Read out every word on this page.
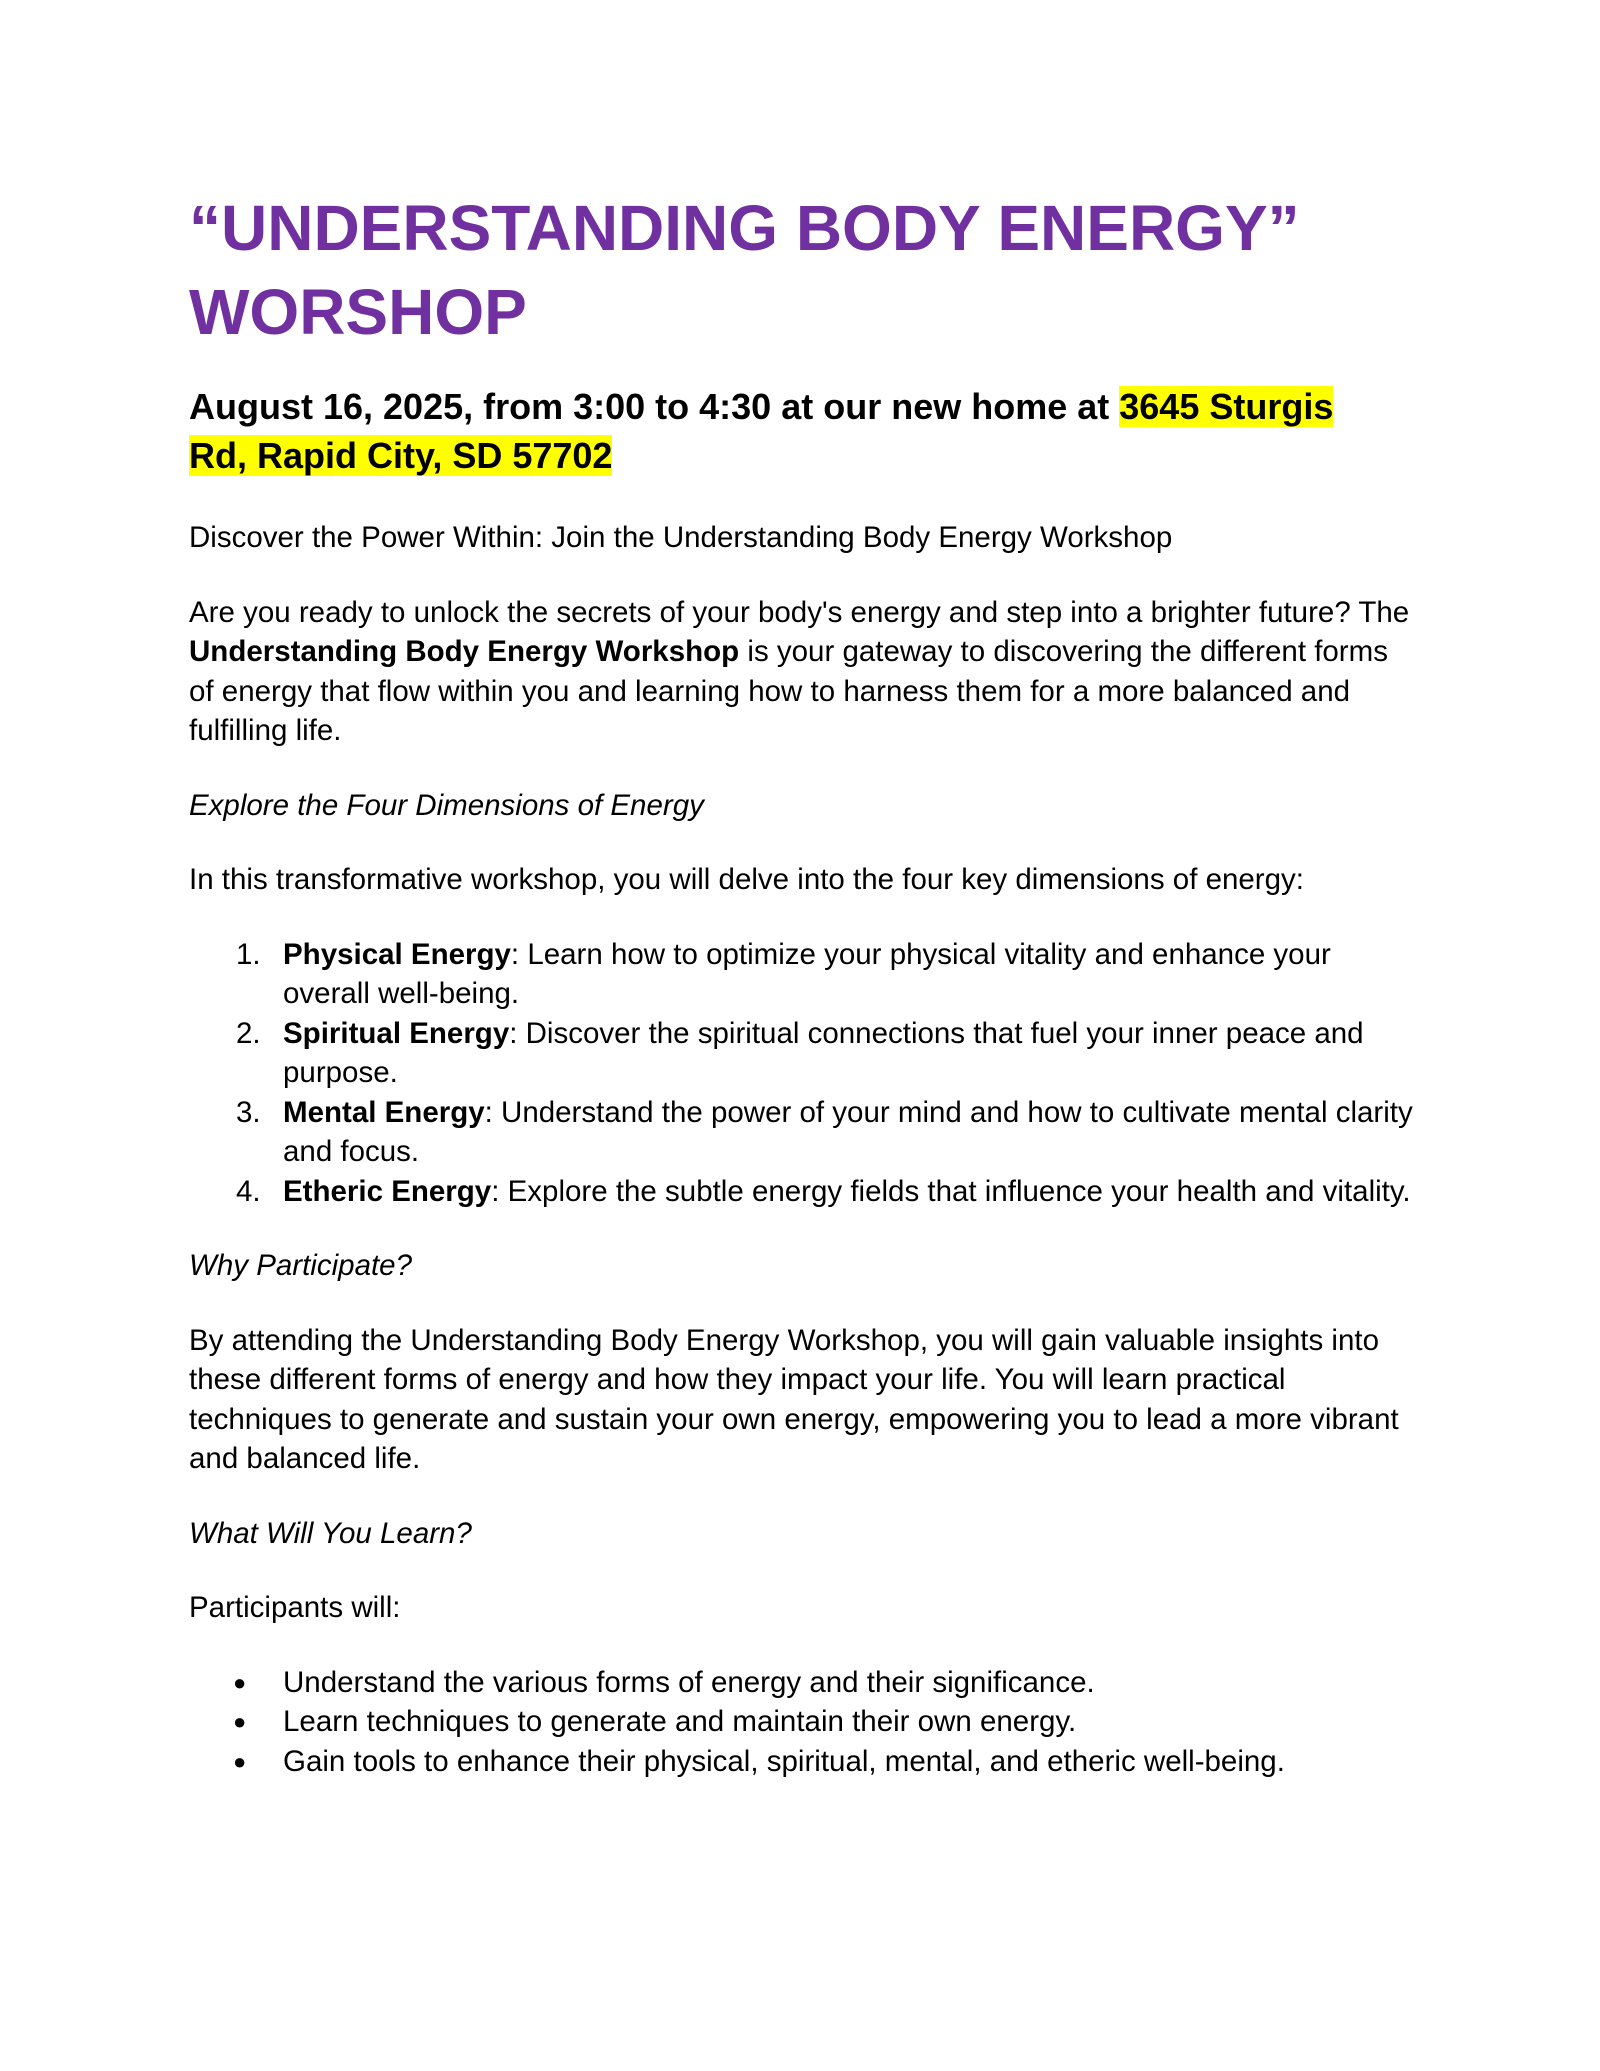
“UNDERSTANDING BODY ENERGY”
WORSHOP
August 16, 2025, from 3:00 to 4:30 at our new home at 3645 Sturgis
Rd, Rapid City, SD 57702

Discover the Power Within: Join the Understanding Body Energy Workshop

Are you ready to unlock the secrets of your body's energy and step into a brighter future? The Understanding Body Energy Workshop is your gateway to discovering the different forms of energy that flow within you and learning how to harness them for a more balanced and fulfilling life.

Explore the Four Dimensions of Energy

In this transformative workshop, you will delve into the four key dimensions of energy:

1. Physical Energy: Learn how to optimize your physical vitality and enhance your overall well-being.
2. Spiritual Energy: Discover the spiritual connections that fuel your inner peace and purpose.
3. Mental Energy: Understand the power of your mind and how to cultivate mental clarity and focus.
4. Etheric Energy: Explore the subtle energy fields that influence your health and vitality.

Why Participate?

By attending the Understanding Body Energy Workshop, you will gain valuable insights into these different forms of energy and how they impact your life. You will learn practical techniques to generate and sustain your own energy, empowering you to lead a more vibrant and balanced life.

What Will You Learn?

Participants will:

● Understand the various forms of energy and their significance.
● Learn techniques to generate and maintain their own energy.
● Gain tools to enhance their physical, spiritual, mental, and etheric well-being.
